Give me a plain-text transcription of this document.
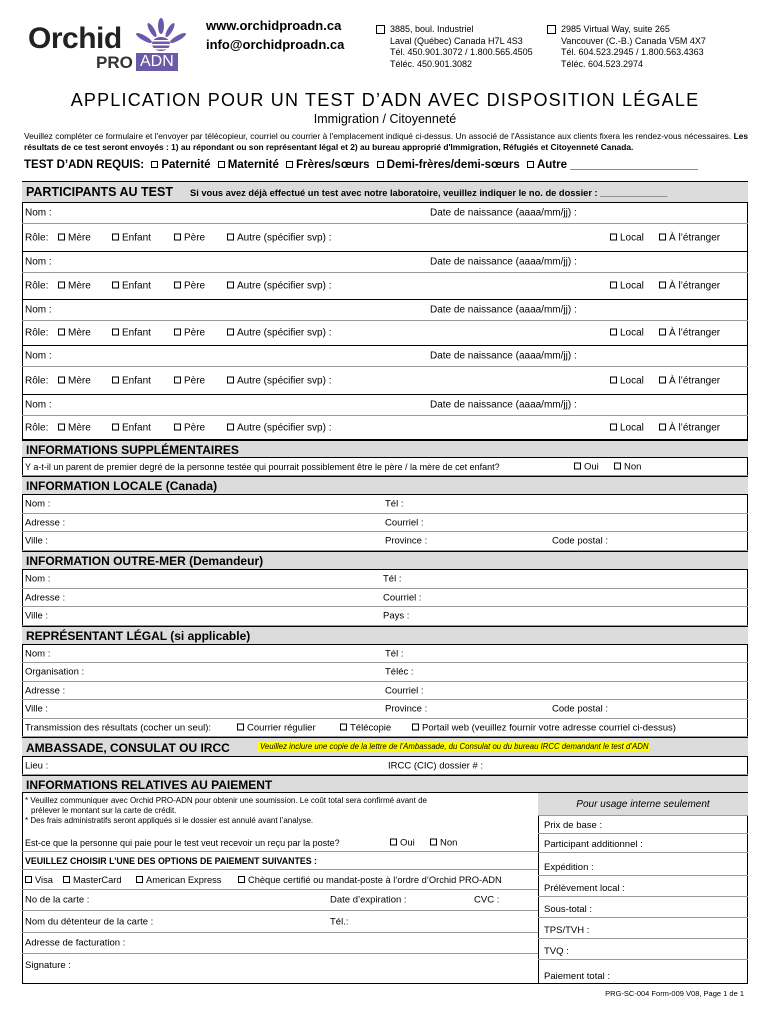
Orchid
PRO ADN
www.orchidproadn.ca
info@orchidproadn.ca
3885, boul. Industriel
Laval (Québec) Canada H7L 4S3
Tél. 450.901.3072 / 1.800.565.4505
Téléc. 450.901.3082
2985 Virtual Way, suite 265
Vancouver (C.-B.) Canada V5M 4X7
Tél. 604.523.2945 / 1.800.563.4363
Téléc. 604.523.2974
APPLICATION POUR UN TEST D’ADN AVEC DISPOSITION LÉGALE
Immigration / Citoyenneté
Veuillez compléter ce formulaire et l'envoyer par télécopieur, courriel ou courrier à l'emplacement indiqué ci-dessus. Un associé de l'Assistance aux clients fixera les rendez-vous nécessaires. Les résultats de ce test seront envoyés : 1) au répondant ou son représentant légal et 2) au bureau approprié d'Immigration, Réfugiés et Citoyenneté Canada.
TEST D’ADN REQUIS: Paternité Maternité Frères/sœurs Demi-frères/demi-sœurs Autre ____________________
PARTICIPANTS AU TEST Si vous avez déjà effectué un test avec notre laboratoire, veuillez indiquer le no. de dossier : _____________
Nom :	Date de naissance (aaaa/mm/jj) :
Rôle:	Mère	Enfant	Père	Autre (spécifier svp) :	Local	À l’étranger
Nom :	Date de naissance (aaaa/mm/jj) :
Rôle:	Mère	Enfant	Père	Autre (spécifier svp) :	Local	À l’étranger
Nom :	Date de naissance (aaaa/mm/jj) :
Rôle:	Mère	Enfant	Père	Autre (spécifier svp) :	Local	À l’étranger
Nom :	Date de naissance (aaaa/mm/jj) :
Rôle:	Mère	Enfant	Père	Autre (spécifier svp) :	Local	À l’étranger
Nom :	Date de naissance (aaaa/mm/jj) :
Rôle:	Mère	Enfant	Père	Autre (spécifier svp) :	Local	À l’étranger
INFORMATIONS SUPPLÉMENTAIRES
Y a-t-il un parent de premier degré de la personne testée qui pourrait possiblement être le père / la mère de cet enfant?	Oui	Non
INFORMATION LOCALE (Canada)
Nom :	Tél :
Adresse :	Courriel :
Ville :	Province :	Code postal :
INFORMATION OUTRE-MER (Demandeur)
Nom :	Tél :
Adresse :	Courriel :
Ville :	Pays :
REPRÉSENTANT LÉGAL (si applicable)
Nom :	Tél :
Organisation :	Téléc :
Adresse :	Courriel :
Ville :	Province :	Code postal :
Transmission des résultats (cocher un seul):	Courrier régulier	Télécopie	Portail web (veuillez fournir votre adresse courriel ci-dessus)
AMBASSADE, CONSULAT OU IRCC	Veuillez inclure une copie de la lettre de l’Ambassade, du Consulat ou du bureau IRCC demandant le test d’ADN
Lieu :	IRCC (CIC) dossier # :
INFORMATIONS RELATIVES AU PAIEMENT
* Veuillez communiquer avec Orchid PRO-ADN pour obtenir une soumission. Le coût total sera confirmé avant de
prélever le montant sur la carte de crédit.
* Des frais administratifs seront appliqués si le dossier est annulé avant l’analyse.
Est-ce que la personne qui paie pour le test veut recevoir un reçu par la poste?	Oui	Non
VEUILLEZ CHOISIR L’UNE DES OPTIONS DE PAIEMENT SUIVANTES :
Visa	MasterCard	American Express	Chèque certifié ou mandat-poste à l’ordre d’Orchid PRO-ADN
No de la carte :	Date d’expiration :	CVC :
Nom du détenteur de la carte :	Tél.:
Adresse de facturation :
Signature :
Pour usage interne seulement
Prix de base :
Participant additionnel :
Expédition :
Prélèvement local :
Sous-total :
TPS/TVH :
TVQ :
Paiement total :
PRG-SC-004 Form-009 V08, Page 1 de 1
